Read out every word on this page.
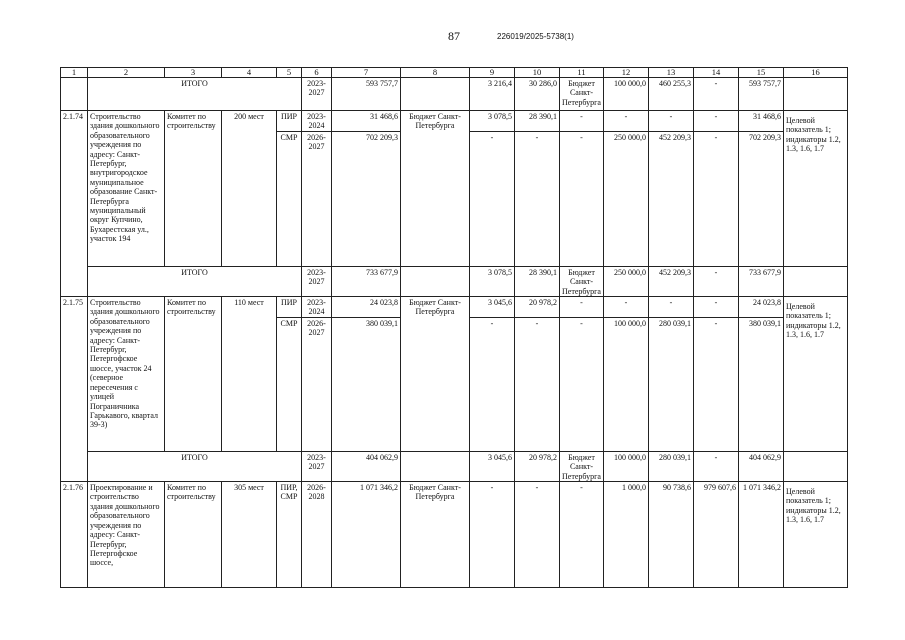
87	226019/2025-5738(1)
1	2	3	4	5	6	7	8	9	10	11	12	13	14	15	16
	ИТОГО				2023-2027	593 757,7		3 216,4	30 286,0	Бюджет Санкт-Петербурга	100 000,0	460 255,3	-	593 757,7	
2.1.74	Строительство здания дошкольного образовательного учреждения по адресу: Санкт-Петербург, внутригородское муниципальное образование Санкт-Петербурга муниципальный округ Купчино, Бухарестская ул., участок 194	Комитет по строительству	200 мест	ПИР	2023-2024	31 468,6	Бюджет Санкт-Петербурга	3 078,5	28 390,1	-	-	-	-	31 468,6	Целевой показатель 1; индикаторы 1.2, 1.3, 1.6, 1.7
				СМР	2026-2027	702 209,3		-	-	-	250 000,0	452 209,3	-	702 209,3	
	ИТОГО				2023-2027	733 677,9		3 078,5	28 390,1	Бюджет Санкт-Петербурга	250 000,0	452 209,3	-	733 677,9	
2.1.75	Строительство здания дошкольного образовательного учреждения по адресу: Санкт-Петербург, Петергофское шоссе, участок 24 (северное пересечения с улицей Пограничника Гарькавого, квартал 39-3)	Комитет по строительству	110 мест	ПИР	2023-2024	24 023,8	Бюджет Санкт-Петербурга	3 045,6	20 978,2	-	-	-	-	24 023,8	Целевой показатель 1; индикаторы 1.2, 1.3, 1.6, 1.7
				СМР	2026-2027	380 039,1		-	-	-	100 000,0	280 039,1	-	380 039,1	
	ИТОГО				2023-2027	404 062,9		3 045,6	20 978,2	Бюджет Санкт-Петербурга	100 000,0	280 039,1	-	404 062,9	
2.1.76	Проектирование и строительство здания дошкольного образовательного учреждения по адресу: Санкт-Петербург, Петергофское шоссе,	Комитет по строительству	305 мест	ПИР, СМР	2026-2028	1 071 346,2	Бюджет Санкт-Петербурга	-	-	-	1 000,0	90 738,6	979 607,6	1 071 346,2	Целевой показатель 1; индикаторы 1.2, 1.3, 1.6, 1.7
